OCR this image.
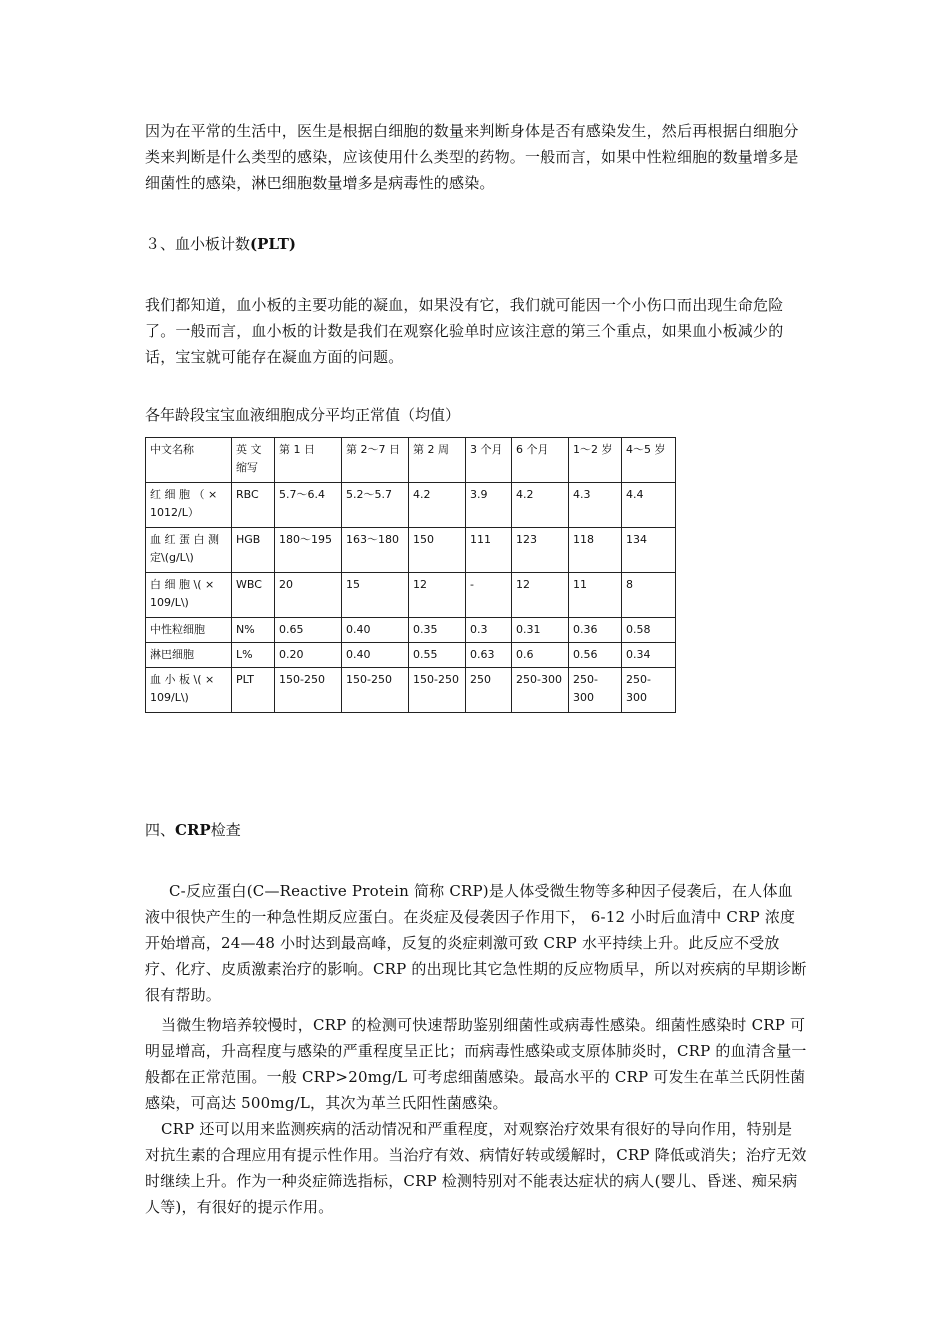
因为在平常的生活中，医生是根据白细胞的数量来判断身体是否有感染发生，然后再根据白细胞分类来判断是什么类型的感染，应该使用什么类型的药物。一般而言，如果中性粒细胞的数量增多是细菌性的感染，淋巴细胞数量增多是病毒性的感染。

３、血小板计数(PLT)

我们都知道，血小板的主要功能的凝血，如果没有它，我们就可能因一个小伤口而出现生命危险了。一般而言，血小板的计数是我们在观察化验单时应该注意的第三个重点，如果血小板减少的话，宝宝就可能存在凝血方面的问题。

各年龄段宝宝血液细胞成分平均正常值（均值）

中文名称	英 文 缩写	第 1 日	第 2～7 日	第 2 周	3 个月	6 个月	1～2 岁	4～5 岁
红 细 胞 （ × 1012/L）	RBC	5.7～6.4	5.2～5.7	4.2	3.9	4.2	4.3	4.4
血 红 蛋 白 测 定\(g/L\)	HGB	180～195	163～180	150	111	123	118	134
白 细 胞 \( × 109/L\)	WBC	20	15	12	-	12	11	8
中性粒细胞	N%	0.65	0.40	0.35	0.3	0.31	0.36	0.58
淋巴细胞	L%	0.20	0.40	0.55	0.63	0.6	0.56	0.34
血 小 板 \( × 109/L\)	PLT	150-250	150-250	150-250	250	250-300	250-300	250-300

四、CRP检查

C-反应蛋白(C—Reactive Protein 简称 CRP)是人体受微生物等多种因子侵袭后，在人体血液中很快产生的一种急性期反应蛋白。在炎症及侵袭因子作用下， 6-12 小时后血清中 CRP 浓度开始增高，24—48 小时达到最高峰，反复的炎症刺激可致 CRP 水平持续上升。此反应不受放疗、化疗、皮质激素治疗的影响。CRP 的出现比其它急性期的反应物质早，所以对疾病的早期诊断很有帮助。

当微生物培养较慢时，CRP 的检测可快速帮助鉴别细菌性或病毒性感染。细菌性感染时 CRP 可明显增高，升高程度与感染的严重程度呈正比；而病毒性感染或支原体肺炎时，CRP 的血清含量一般都在正常范围。一般 CRP>20mg/L 可考虑细菌感染。最高水平的 CRP 可发生在革兰氏阴性菌感染，可高达 500mg/L，其次为革兰氏阳性菌感染。

CRP 还可以用来监测疾病的活动情况和严重程度，对观察治疗效果有很好的导向作用，特别是对抗生素的合理应用有提示性作用。当治疗有效、病情好转或缓解时，CRP 降低或消失；治疗无效时继续上升。作为一种炎症筛选指标，CRP 检测特别对不能表达症状的病人(婴儿、昏迷、痴呆病人等)，有很好的提示作用。
